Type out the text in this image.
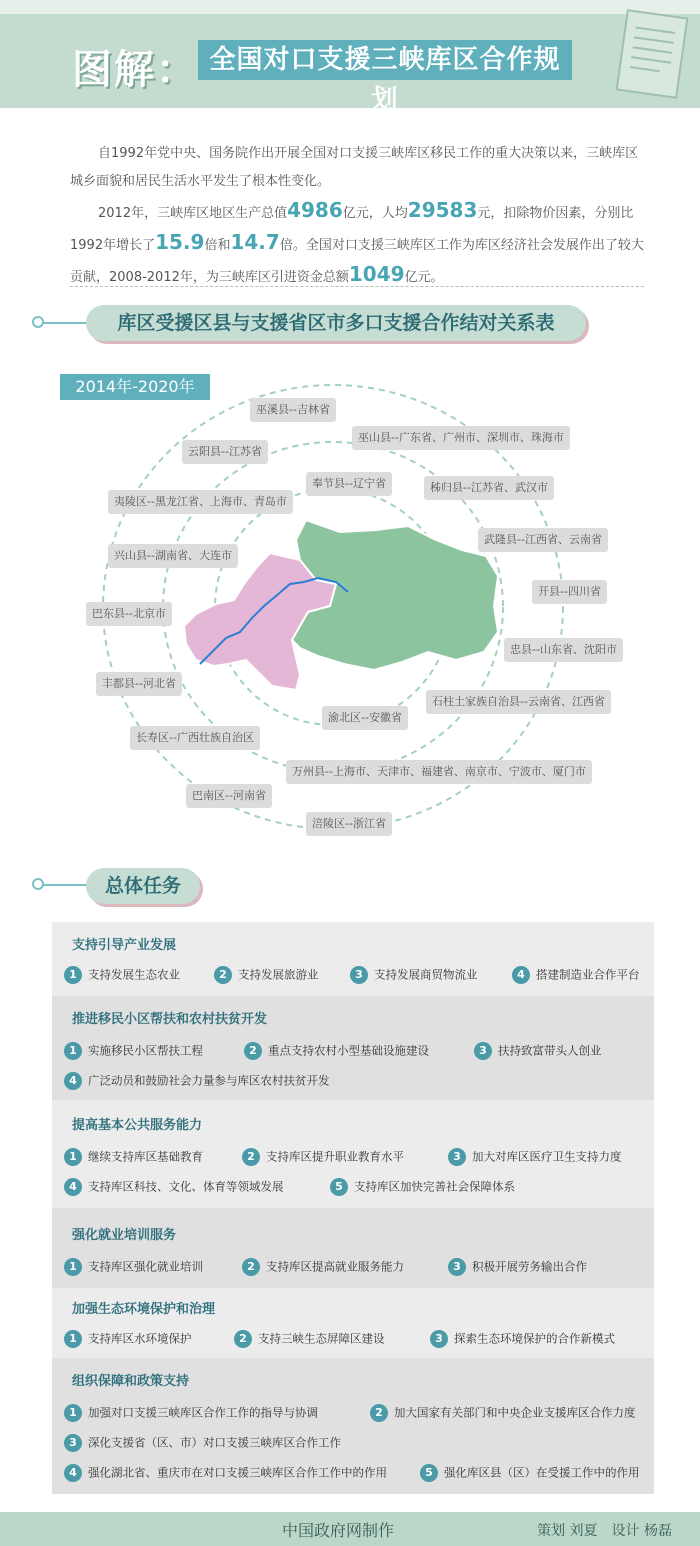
图解： 全国对口支援三峡库区合作规划

自1992年党中央、国务院作出开展全国对口支援三峡库区移民工作的重大决策以来，三峡库区城乡面貌和居民生活水平发生了根本性变化。

2012年，三峡库区地区生产总值4986亿元，人均29583元，扣除物价因素，分别比1992年增长了15.9倍和14.7倍。全国对口支援三峡库区工作为库区经济社会发展作出了较大贡献，2008-2012年，为三峡库区引进资金总额1049亿元。

库区受援区县与支援省区市多口支援合作结对关系表
2014年-2020年
巫溪县--吉林省
云阳县--江苏省
巫山县--广东省、广州市、深圳市、珠海市
奉节县--辽宁省	秭归县--江苏省、武汉市
夷陵区--黑龙江省、上海市、青岛市
武隆县--江西省、云南省
兴山县--湖南省、大连市
开县--四川省
巴东县--北京市
忠县--山东省、沈阳市
丰都县--河北省
石柱土家族自治县--云南省、江西省
渝北区--安徽省
长寿区--广西壮族自治区
万州县--上海市、天津市、福建省、南京市、宁波市、厦门市
巴南区--河南省
涪陵区--浙江省
总体任务
支持引导产业发展
1 支持发展生态农业	2 支持发展旅游业	3 支持发展商贸物流业	4 搭建制造业合作平台
推进移民小区帮扶和农村扶贫开发
1 实施移民小区帮扶工程	2 重点支持农村小型基础设施建设	3 扶持致富带头人创业
4 广泛动员和鼓励社会力量参与库区农村扶贫开发
提高基本公共服务能力
1 继续支持库区基础教育	2 支持库区提升职业教育水平	3 加大对库区医疗卫生支持力度
4 支持库区科技、文化、体育等领域发展	5 支持库区加快完善社会保障体系
强化就业培训服务
1 支持库区强化就业培训	2 支持库区提高就业服务能力	3 积极开展劳务输出合作
加强生态环境保护和治理
1 支持库区水环境保护	2 支持三峡生态屏障区建设	3 探索生态环境保护的合作新模式
组织保障和政策支持
1 加强对口支援三峡库区合作工作的指导与协调	2 加大国家有关部门和中央企业支援库区合作力度
3 深化支援省（区、市）对口支援三峡库区合作工作
4 强化湖北省、重庆市在对口支援三峡库区合作工作中的作用	5 强化库区县（区）在受援工作中的作用
中国政府网制作	策划 刘夏　设计 杨磊
